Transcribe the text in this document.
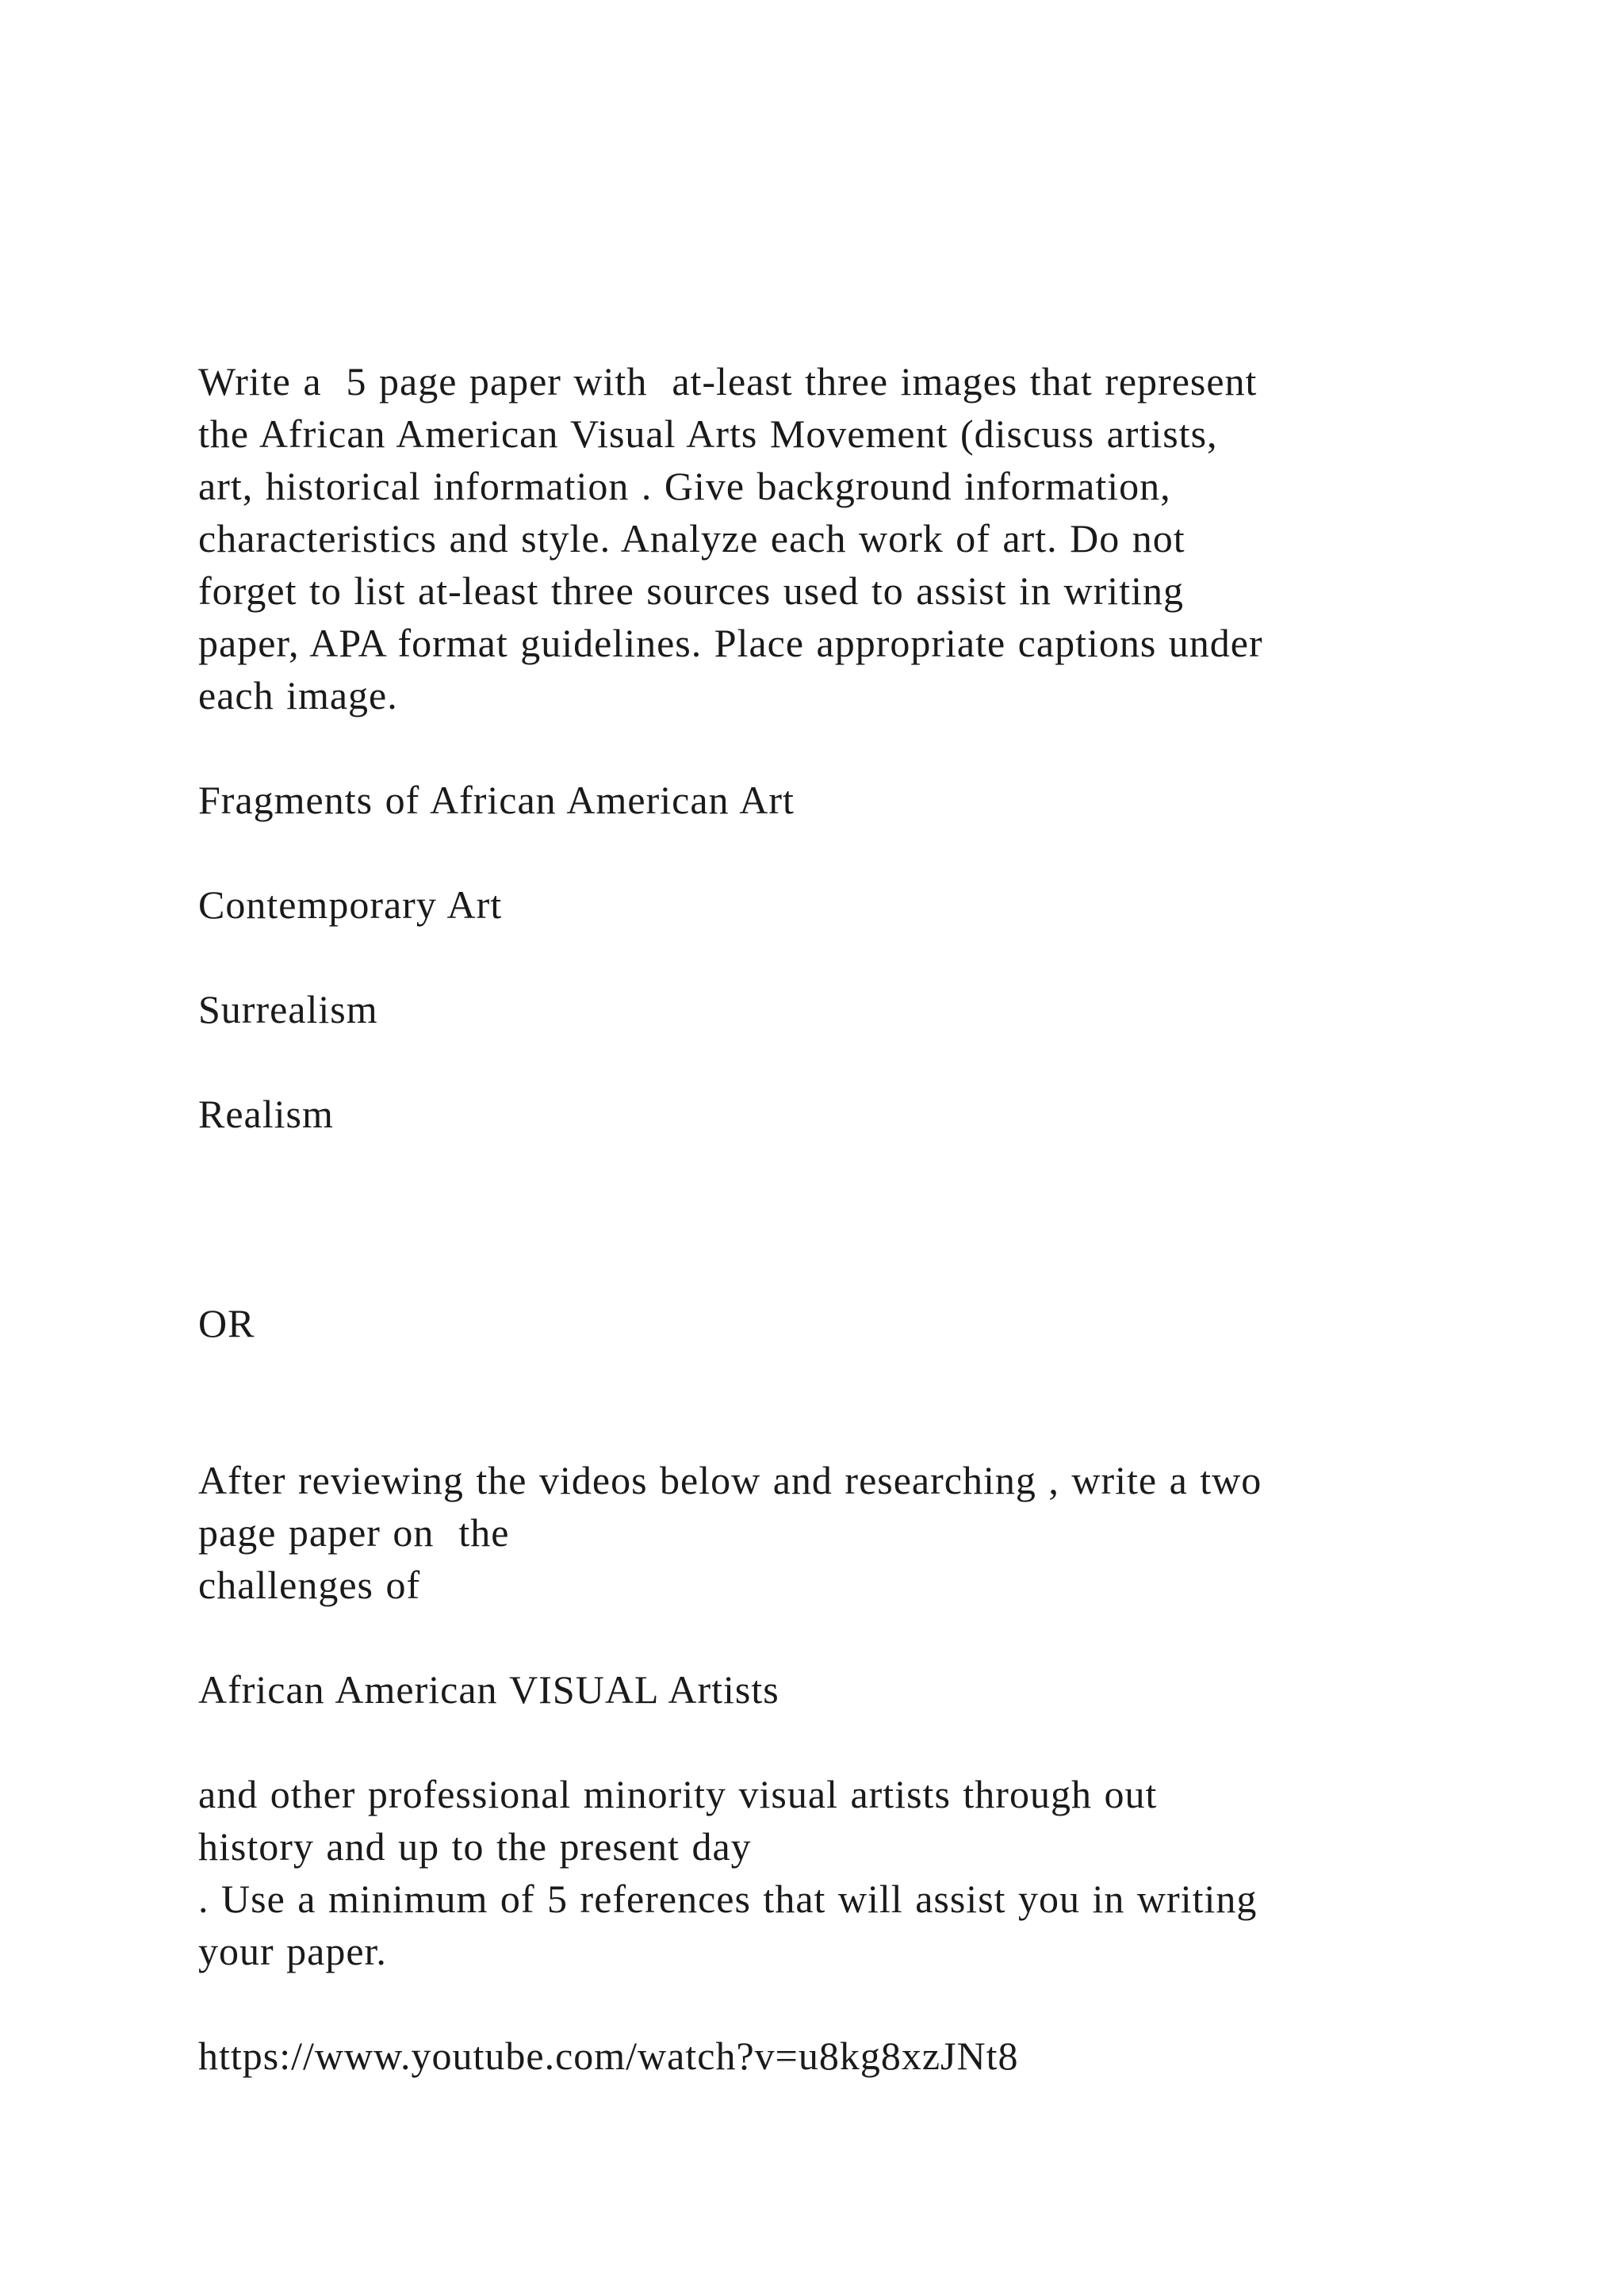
Write a  5 page paper with  at-least three images that represent
the African American Visual Arts Movement (discuss artists,
art, historical information . Give background information,
characteristics and style. Analyze each work of art. Do not
forget to list at-least three sources used to assist in writing
paper, APA format guidelines. Place appropriate captions under
each image.
Fragments of African American Art
Contemporary Art
Surrealism
Realism
OR
After reviewing the videos below and researching , write a two
page paper on  the
challenges of
African American VISUAL Artists
and other professional minority visual artists through out
history and up to the present day
. Use a minimum of 5 references that will assist you in writing
your paper.
https://www.youtube.com/watch?v=u8kg8xzJNt8
